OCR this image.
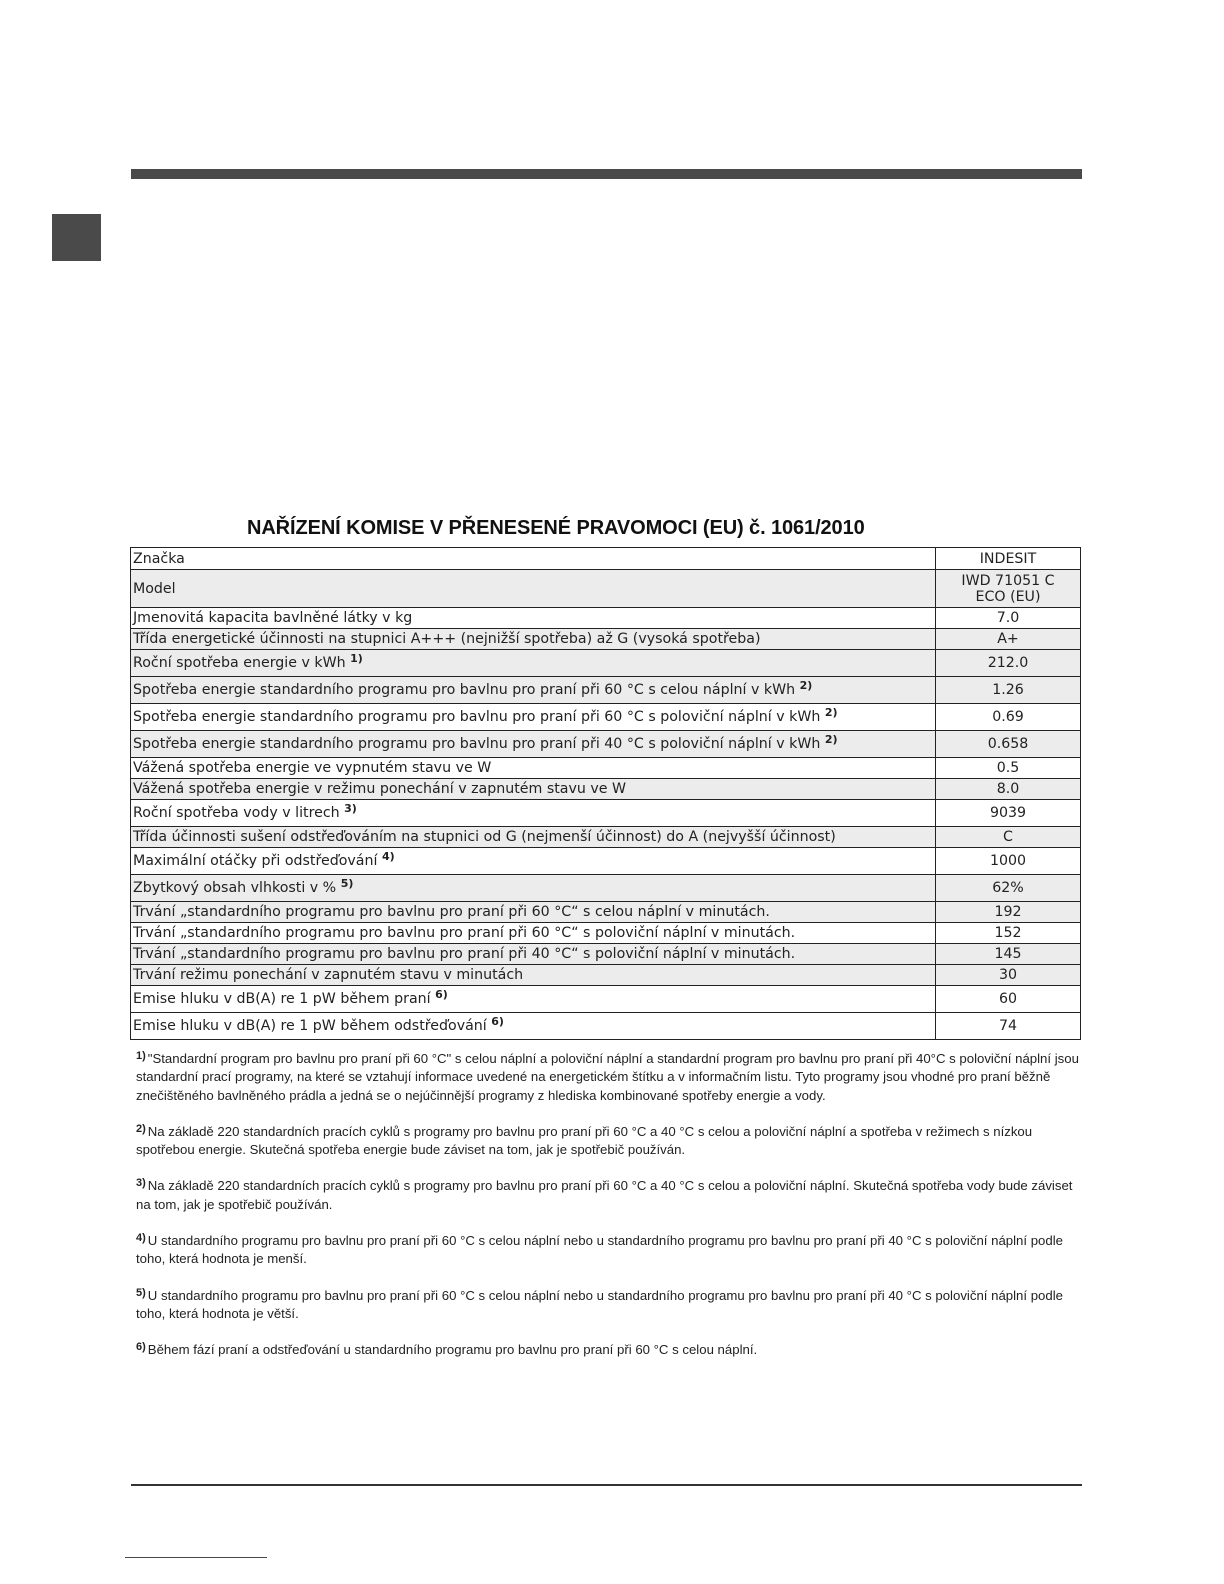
NAŘÍZENÍ KOMISE V PŘENESENÉ PRAVOMOCI (EU) č. 1061/2010
Značka	INDESIT
Model	IWD 71051 C
ECO (EU)

Jmenovitá kapacita bavlněné látky v kg	7.0
Třída energetické účinnosti na stupnici A+++ (nejnižší spotřeba) až G (vysoká spotřeba)	A+
Roční spotřeba energie v kWh $^{1)}$	212.0
Spotřeba energie standardního programu pro bavlnu pro praní při 60 °C s celou náplní v kWh $^{2)}$	1.26
Spotřeba energie standardního programu pro bavlnu pro praní při 60 °C s poloviční náplní v kWh $^{2)}$	0.69
Spotřeba energie standardního programu pro bavlnu pro praní při 40 °C s poloviční náplní v kWh $^{2)}$	0.658
Vážená spotřeba energie ve vypnutém stavu ve W	0.5
Vážená spotřeba energie v režimu ponechání v zapnutém stavu ve W	8.0
Roční spotřeba vody v litrech $^{3)}$	9039
Třída účinnosti sušení odstřeďováním na stupnici od G (nejmenší účinnost) do A (nejvyšší účinnost)	C
Maximální otáčky při odstřeďování $^{4)}$	1000
Zbytkový obsah vlhkosti v % $^{5)}$	62%
Trvání „standardního programu pro bavlnu pro praní při 60 °C“ s celou náplní v minutách.	192
Trvání „standardního programu pro bavlnu pro praní při 60 °C“ s poloviční náplní v minutách.	152
Trvání „standardního programu pro bavlnu pro praní při 40 °C“ s poloviční náplní v minutách.	145
Trvání režimu ponechání v zapnutém stavu v minutách	30
Emise hluku v dB(A) re 1 pW během praní $^{6)}$	60
Emise hluku v dB(A) re 1 pW během odstřeďování $^{6)}$	74

$^{1)}$ "Standardní program pro bavlnu pro praní při 60 °C" s celou náplní a poloviční náplní a standardní program pro bavlnu pro praní při 40°C s poloviční náplní jsou standardní prací programy, na které se vztahují informace uvedené na energetickém štítku a v informačním listu. Tyto programy jsou vhodné pro praní běžně znečištěného bavlněného prádla a jedná se o nejúčinnější programy z hlediska kombinované spotřeby energie a vody.

$^{2)}$ Na základě 220 standardních pracích cyklů s programy pro bavlnu pro praní při 60 °C a 40 °C s celou a poloviční náplní a spotřeba v režimech s nízkou spotřebou energie. Skutečná spotřeba energie bude záviset na tom, jak je spotřebič používán.

$^{3)}$ Na základě 220 standardních pracích cyklů s programy pro bavlnu pro praní při 60 °C a 40 °C s celou a poloviční náplní. Skutečná spotřeba vody bude záviset na tom, jak je spotřebič používán.

$^{4)}$ U standardního programu pro bavlnu pro praní při 60 °C s celou náplní nebo u standardního programu pro bavlnu pro praní při 40 °C s poloviční náplní podle toho, která hodnota je menší.

$^{5)}$ U standardního programu pro bavlnu pro praní při 60 °C s celou náplní nebo u standardního programu pro bavlnu pro praní při 40 °C s poloviční náplní podle toho, která hodnota je větší.

$^{6)}$ Během fází praní a odstřeďování u standardního programu pro bavlnu pro praní při 60 °C s celou náplní.
